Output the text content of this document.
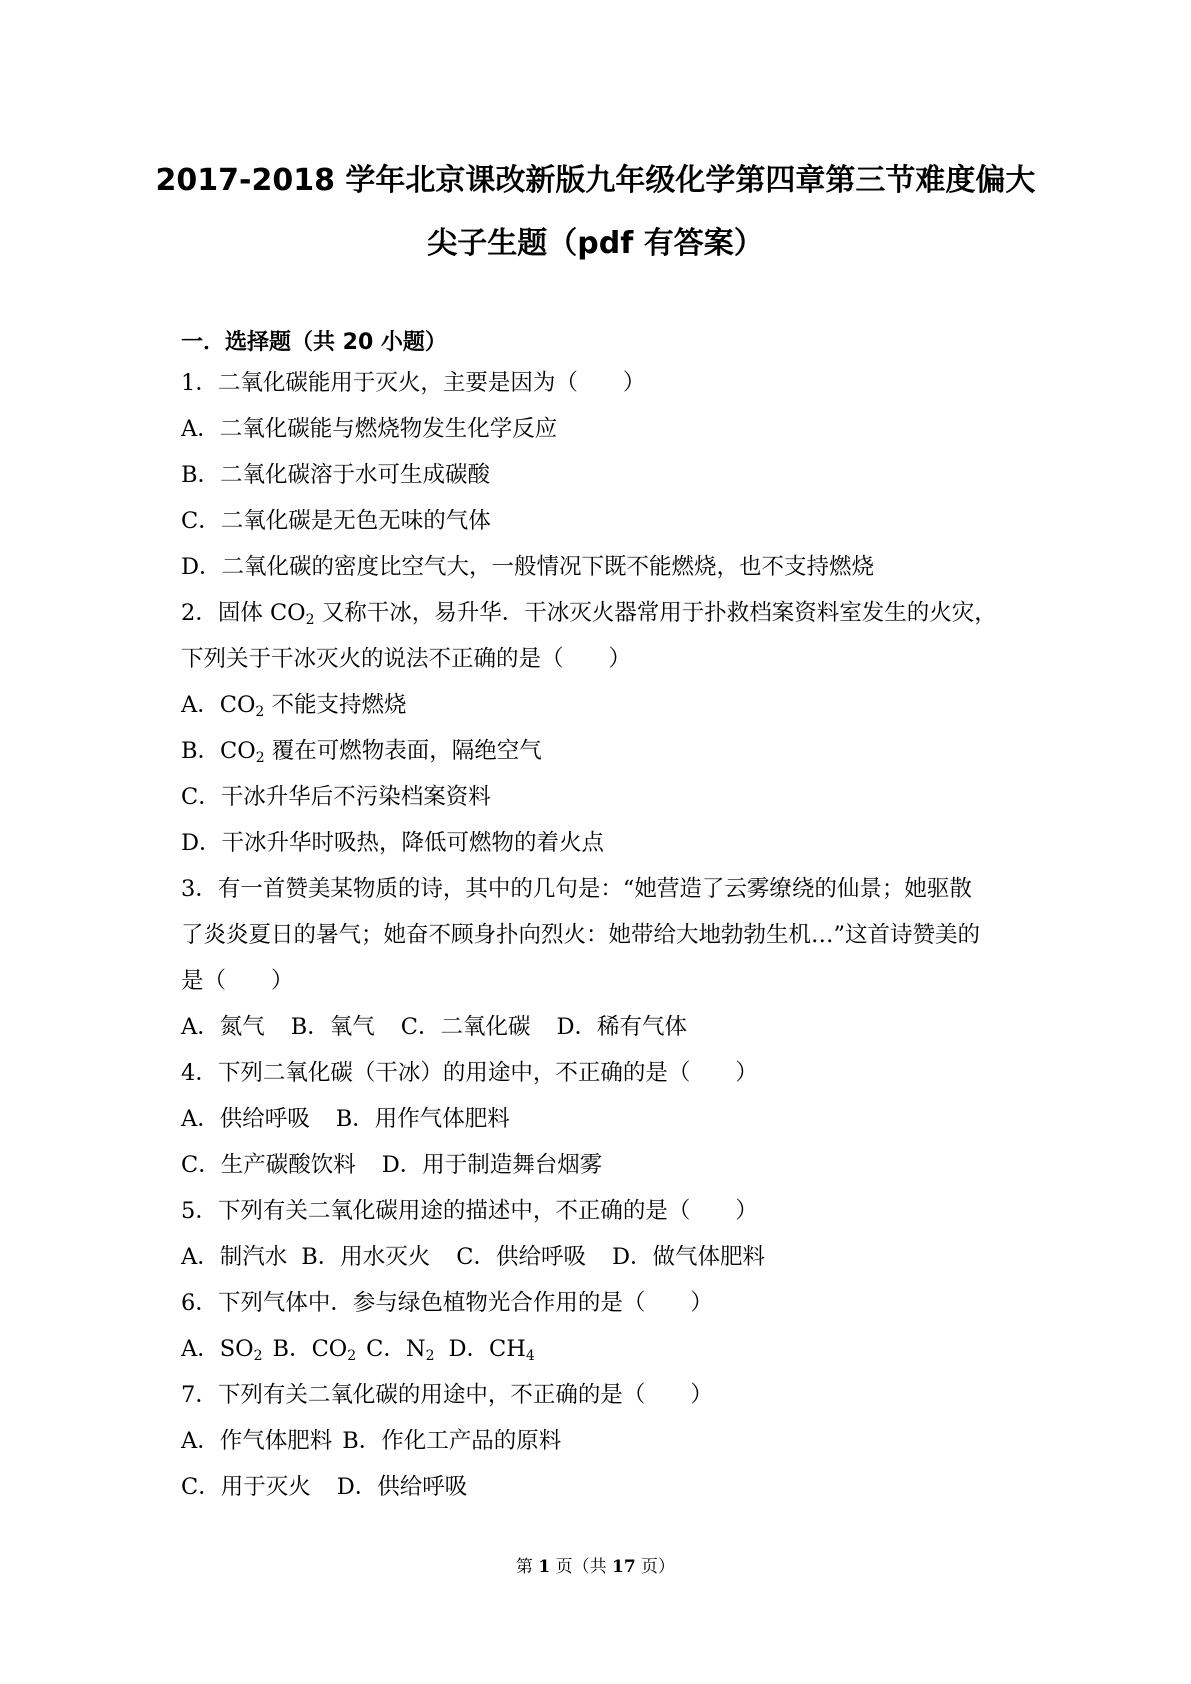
2017-2018 学年北京课改新版九年级化学第四章第三节难度偏大
尖子生题（pdf 有答案）
一．选择题（共 20 小题）
1．二氧化碳能用于灭火，主要是因为（　　）
A．二氧化碳能与燃烧物发生化学反应
B．二氧化碳溶于水可生成碳酸
C．二氧化碳是无色无味的气体
D．二氧化碳的密度比空气大，一般情况下既不能燃烧，也不支持燃烧
2．固体 $CO_2$ 又称干冰，易升华．干冰灭火器常用于扑救档案资料室发生的火灾，
下列关于干冰灭火的说法不正确的是（　　）
A．$CO_2$ 不能支持燃烧
B．$CO_2$ 覆在可燃物表面，隔绝空气
C．干冰升华后不污染档案资料
D．干冰升华时吸热，降低可燃物的着火点
3．有一首赞美某物质的诗，其中的几句是：“她营造了云雾缭绕的仙景；她驱散
了炎炎夏日的暑气；她奋不顾身扑向烈火：她带给大地勃勃生机…”这首诗赞美的
是（　　）
A．氮气 B．氧气 C．二氧化碳 D．稀有气体
4．下列二氧化碳（干冰）的用途中，不正确的是（　　）
A．供给呼吸 B．用作气体肥料
C．生产碳酸饮料 D．用于制造舞台烟雾
5．下列有关二氧化碳用途的描述中，不正确的是（　　）
A．制汽水 B．用水灭火 C．供给呼吸 D．做气体肥料
6．下列气体中．参与绿色植物光合作用的是（　　）
A．$SO_2$ B．$CO_2$ C．$N_2$ D．$CH_4$
7．下列有关二氧化碳的用途中，不正确的是（　　）
A．作气体肥料 B．作化工产品的原料
C．用于灭火 D．供给呼吸
第 1 页（共 17 页）
